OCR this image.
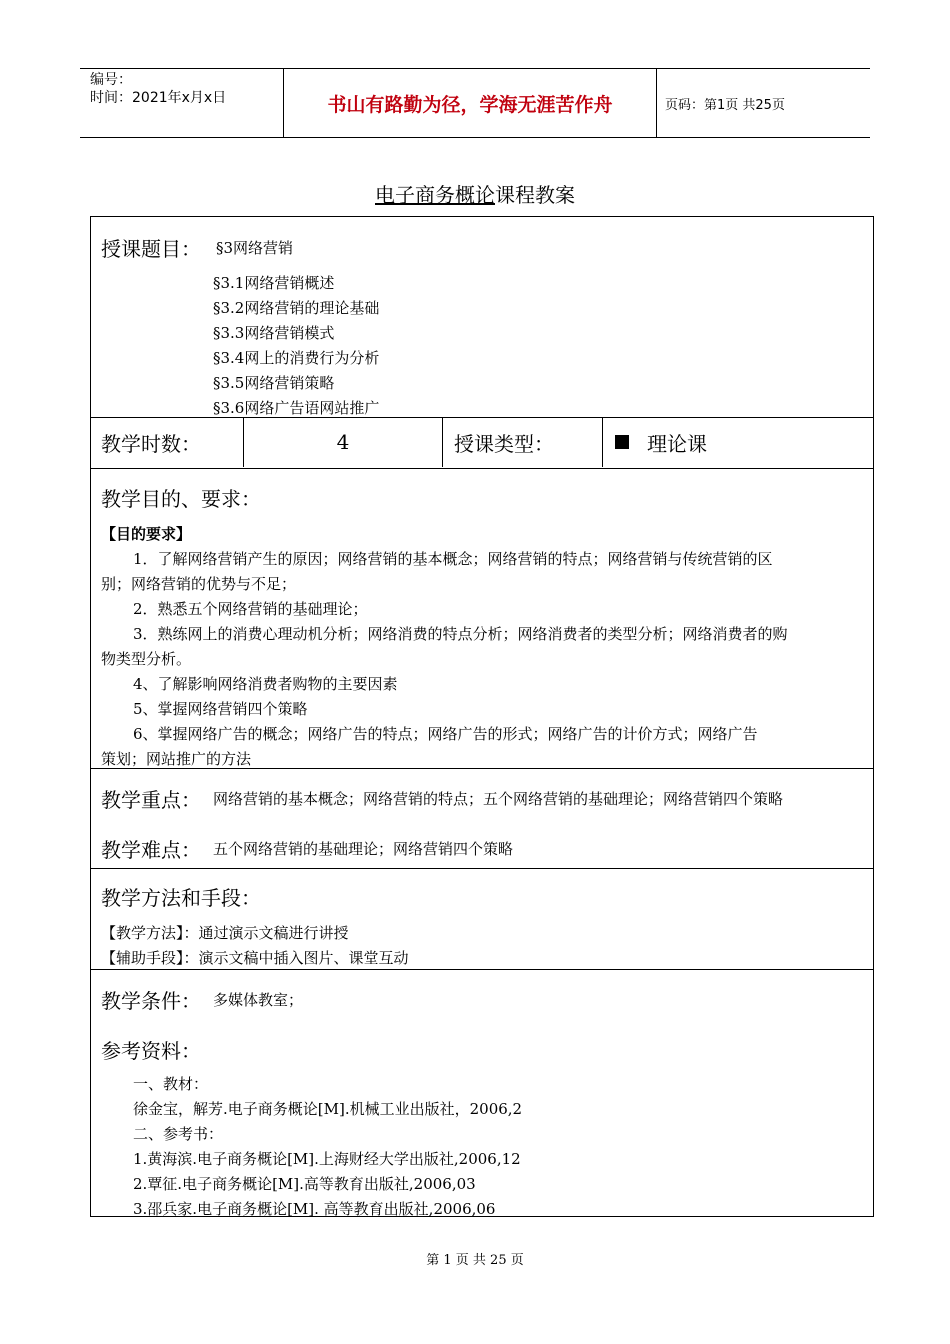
编号：
时间：2021年x月x日	书山有路勤为径，学海无涯苦作舟	页码：第1页 共25页
电子商务概论课程教案
授课题目： §3网络营销
§3.1网络营销概述
§3.2网络营销的理论基础
§3.3网络营销模式
§3.4网上的消费行为分析
§3.5网络营销策略
§3.6网络广告语网站推广
教学时数：	4	授课类型：	理论课
教学目的、要求：
【目的要求】
1．了解网络营销产生的原因；网络营销的基本概念；网络营销的特点；网络营销与传统营销的区
别；网络营销的优势与不足；
2．熟悉五个网络营销的基础理论；
3．熟练网上的消费心理动机分析；网络消费的特点分析；网络消费者的类型分析；网络消费者的购
物类型分析。
4、了解影响网络消费者购物的主要因素
5、掌握网络营销四个策略
6、掌握网络广告的概念；网络广告的特点；网络广告的形式；网络广告的计价方式；网络广告
策划；网站推广的方法
教学重点： 网络营销的基本概念；网络营销的特点；五个网络营销的基础理论；网络营销四个策略
教学难点： 五个网络营销的基础理论；网络营销四个策略
教学方法和手段：
【教学方法】：通过演示文稿进行讲授
【辅助手段】：演示文稿中插入图片、课堂互动
教学条件： 多媒体教室；
参考资料：
一、教材：
徐金宝，解芳.电子商务概论[M].机械工业出版社，2006,2
二、参考书：
1.黄海滨.电子商务概论[M].上海财经大学出版社,2006,12
2.覃征.电子商务概论[M].高等教育出版社,2006,03
3.邵兵家.电子商务概论[M]. 高等教育出版社,2006,06
第 1 页 共 25 页
